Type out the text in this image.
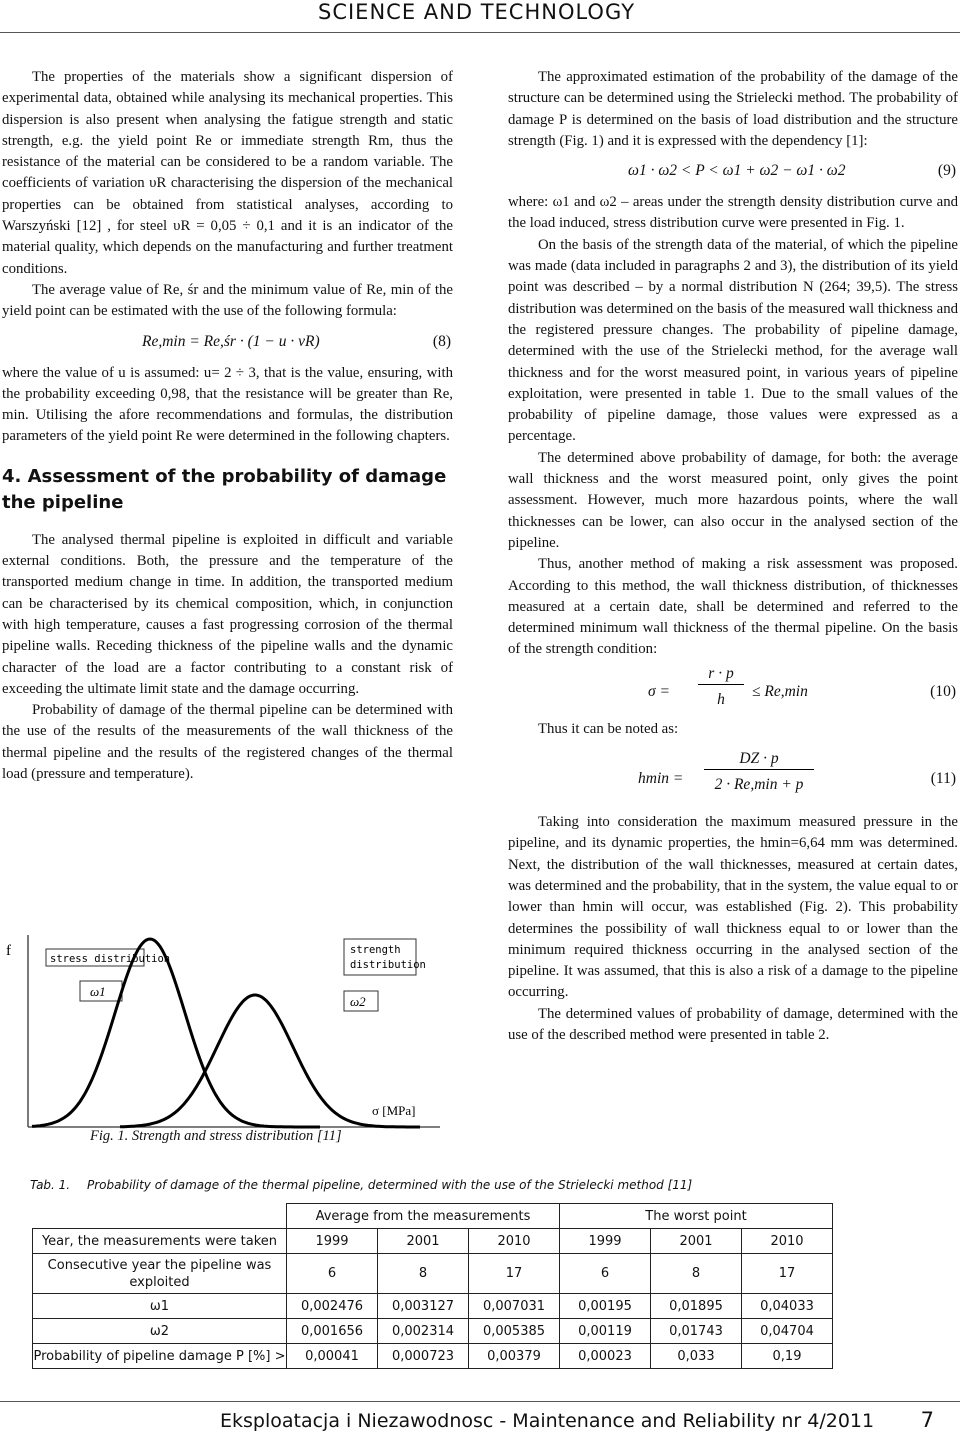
SCIENCE AND TECHNOLOGY

The properties of the materials show a significant dispersion of experimental data, obtained while analysing its mechanical properties. This dispersion is also present when analysing the fatigue strength and static strength, e.g. the yield point Re or immediate strength Rm, thus the resistance of the material can be considered to be a random variable. The coefficients of variation υR characterising the dispersion of the mechanical properties can be obtained from statistical analyses, according to Warszyński [12] , for steel υR = 0,05 ÷ 0,1 and it is an indicator of the material quality, which depends on the manufacturing and further treatment conditions.

The average value of Re, śr and the minimum value of Re, min of the yield point can be estimated with the use of the following formula:

Re,min = Re,śr · (1 − u · vR)	(8)

where the value of u is assumed: u= 2 ÷ 3, that is the value, ensuring, with the probability exceeding 0,98, that the resistance will be greater than Re, min. Utilising the afore recommendations and formulas, the distribution parameters of the yield point Re were determined in the following chapters.

4. Assessment of the probability of damage the pipeline

The analysed thermal pipeline is exploited in difficult and variable external conditions. Both, the pressure and the temperature of the transported medium change in time. In addition, the transported medium can be characterised by its chemical composition, which, in conjunction with high temperature, causes a fast progressing corrosion of the thermal pipeline walls. Receding thickness of the pipeline walls and the dynamic character of the load are a factor contributing to a constant risk of exceeding the ultimate limit state and the damage occurring.

Probability of damage of the thermal pipeline can be determined with the use of the results of the measurements of the wall thickness of the thermal pipeline and the results of the registered changes of the thermal load (pressure and temperature).

f
σ [MPa]
stress distribution
strength
distribution
ω1
ω2
Fig. 1. Strength and stress distribution [11]

The approximated estimation of the probability of the damage of the structure can be determined using the Strielecki method. The probability of damage P is determined on the basis of load distribution and the structure strength (Fig. 1) and it is expressed with the dependency [1]:

ω1 · ω2 < P < ω1 + ω2 − ω1 · ω2	(9)

where: ω1 and ω2 – areas under the strength density distribution curve and the load induced, stress distribution curve were presented in Fig. 1.

On the basis of the strength data of the material, of which the pipeline was made (data included in paragraphs 2 and 3), the distribution of its yield point was described – by a normal distribution N (264; 39,5). The stress distribution was determined on the basis of the measured wall thickness and the registered pressure changes. The probability of pipeline damage, determined with the use of the Strielecki method, for the average wall thickness and for the worst measured point, in various years of pipeline exploitation, were presented in table 1. Due to the small values of the probability of pipeline damage, those values were expressed as a percentage.

The determined above probability of damage, for both: the average wall thickness and the worst measured point, only gives the point assessment. However, much more hazardous points, where the wall thicknesses can be lower, can also occur in the analysed section of the pipeline.

Thus, another method of making a risk assessment was proposed. According to this method, the wall thickness distribution, of thicknesses measured at a certain date, shall be determined and referred to the determined minimum wall thickness of the thermal pipeline. On the basis of the strength condition:

σ =
r · p
h	≤ Re,min	(10)

Thus it can be noted as:

hmin =
DZ · p
2 · Re,min + p	(11)

Taking into consideration the maximum measured pressure in the pipeline, and its dynamic properties, the hmin=6,64 mm was determined. Next, the distribution of the wall thicknesses, measured at certain dates, was determined and the probability, that in the system, the value equal to or lower than hmin will occur, was established (Fig. 2). This probability determines the possibility of wall thickness equal to or lower than the minimum required thickness occurring in the analysed section of the pipeline. It was assumed, that this is also a risk of a damage to the pipeline occurring.

The determined values of probability of damage, determined with the use of the described method were presented in table 2.

Tab. 1. Probability of damage of the thermal pipeline, determined with the use of the Strielecki method [11]
	Average from the measurements			The worst point		
Year, the measurements were taken	1999	2001	2010	1999	2001	2010
Consecutive year the pipeline was exploited	6	8	17	6	8	17
ω1	0,002476	0,003127	0,007031	0,00195	0,01895	0,04033
ω2	0,001656	0,002314	0,005385	0,00119	0,01743	0,04704
Probability of pipeline damage P [%] >	0,00041	0,000723	0,00379	0,00023	0,033	0,19
Eksploatacja i Niezawodnosc - Maintenance and Reliability nr 4/2011 7
